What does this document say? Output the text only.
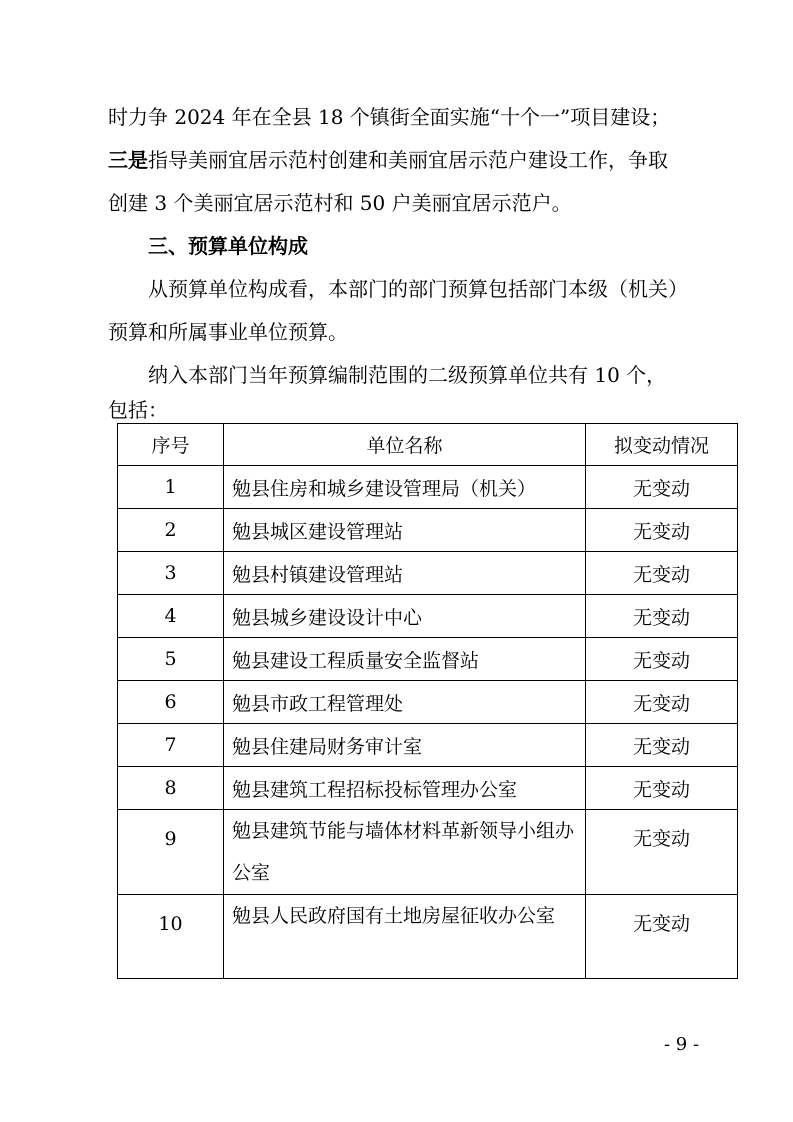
时力争 2024 年在全县 18 个镇街全面实施“十个一”项目建设；
三是指导美丽宜居示范村创建和美丽宜居示范户建设工作，争取
创建 3 个美丽宜居示范村和 50 户美丽宜居示范户。
三、预算单位构成
从预算单位构成看，本部门的部门预算包括部门本级（机关）
预算和所属事业单位预算。
纳入本部门当年预算编制范围的二级预算单位共有 10 个，
包括：
序号	单位名称	拟变动情况
1	勉县住房和城乡建设管理局（机关）	无变动
2	勉县城区建设管理站	无变动
3	勉县村镇建设管理站	无变动
4	勉县城乡建设设计中心	无变动
5	勉县建设工程质量安全监督站	无变动
6	勉县市政工程管理处	无变动
7	勉县住建局财务审计室	无变动
8	勉县建筑工程招标投标管理办公室	无变动

9	勉县建筑节能与墙体材料革新领导小组办公室	无变动

10	勉县人民政府国有土地房屋征收办公室	无变动
- 9 -
